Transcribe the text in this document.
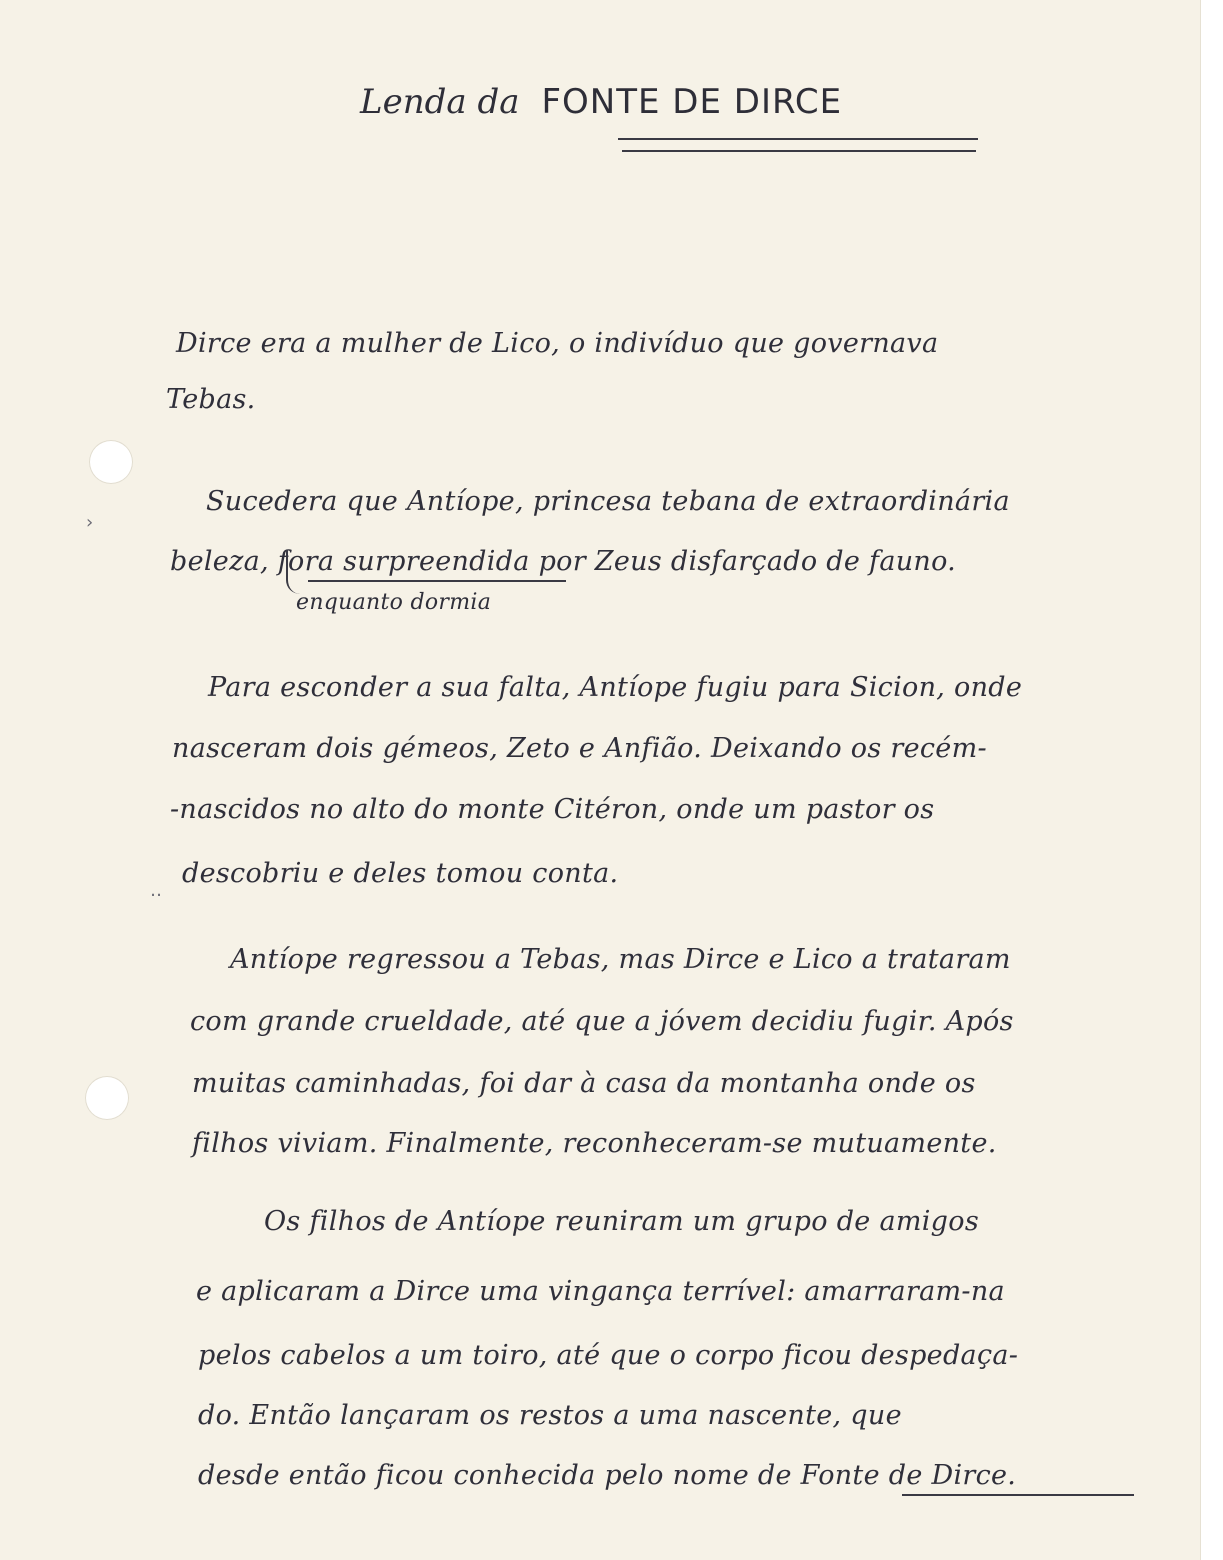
Lenda da FONTE DE DIRCE
Dirce era a mulher de Lico, o indivíduo que governava
Tebas.
Sucedera que Antíope, princesa tebana de extraordinária
beleza, fora surpreendida por Zeus disfarçado de fauno.
enquanto dormia
Para esconder a sua falta, Antíope fugiu para Sicion, onde
nasceram dois gémeos, Zeto e Anfião. Deixando os recém-
-nascidos no alto do monte Citéron, onde um pastor os
descobriu e deles tomou conta.
Antíope regressou a Tebas, mas Dirce e Lico a trataram
com grande crueldade, até que a jóvem decidiu fugir. Após
muitas caminhadas, foi dar à casa da montanha onde os
filhos viviam. Finalmente, reconheceram-se mutuamente.
Os filhos de Antíope reuniram um grupo de amigos
e aplicaram a Dirce uma vingança terrível: amarraram-na
pelos cabelos a um toiro, até que o corpo ficou despedaça-
do. Então lançaram os restos a uma nascente, que
desde então ficou conhecida pelo nome de Fonte de Dirce.
›
‥
